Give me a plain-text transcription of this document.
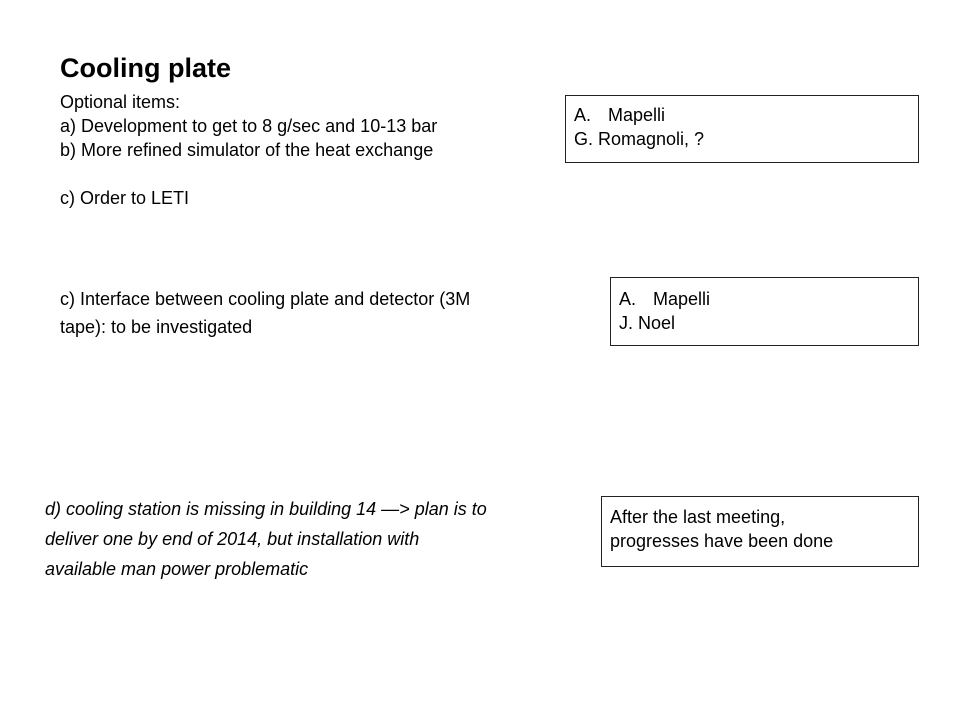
Cooling plate
Optional items:
a) Development to get to 8 g/sec and 10-13 bar
b) More refined simulator of the heat exchange
c) Order to LETI
c) Interface between cooling plate and detector (3M
tape): to be investigated
d) cooling station is missing in building 14 —> plan is to
deliver one by end of 2014, but installation with
available man power problematic
A. Mapelli
G. Romagnoli, ?
A. Mapelli
J. Noel
After the last meeting,
progresses have been done
